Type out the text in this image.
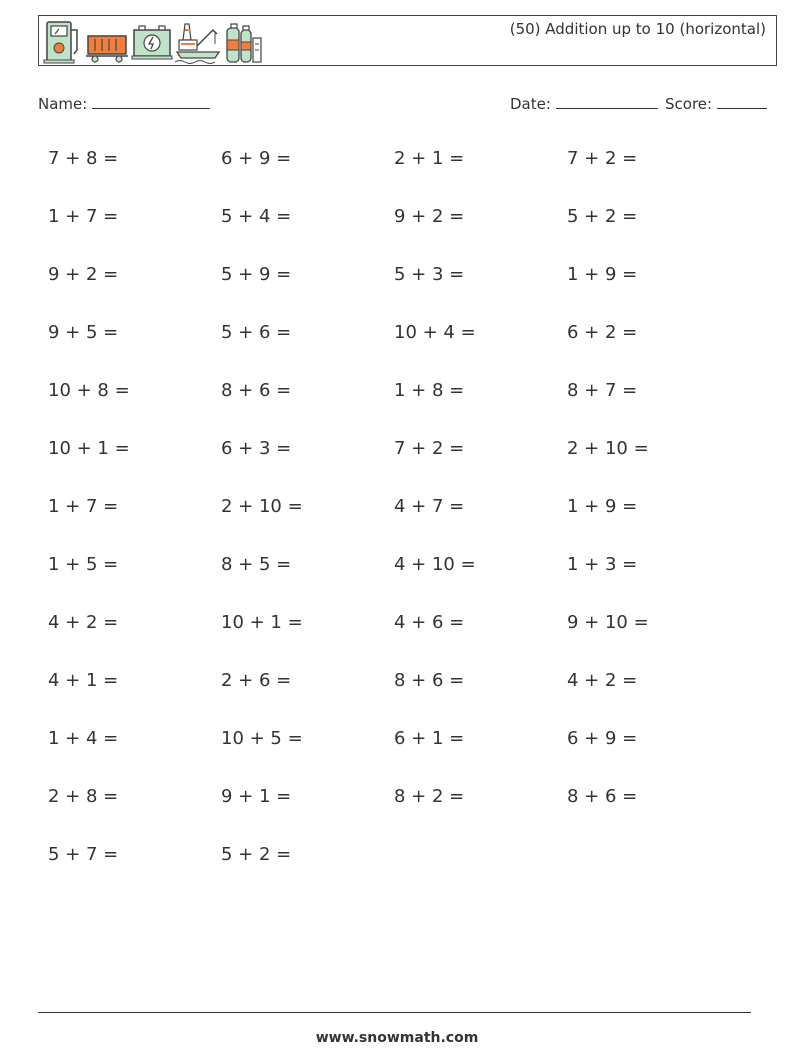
(50) Addition up to 10 (horizontal)
Name:	Date:	Score:
7 + 8 =	6 + 9 =	2 + 1 =	7 + 2 =
1 + 7 =	5 + 4 =	9 + 2 =	5 + 2 =
9 + 2 =	5 + 9 =	5 + 3 =	1 + 9 =
9 + 5 =	5 + 6 =	10 + 4 =	6 + 2 =
10 + 8 =	8 + 6 =	1 + 8 =	8 + 7 =
10 + 1 =	6 + 3 =	7 + 2 =	2 + 10 =
1 + 7 =	2 + 10 =	4 + 7 =	1 + 9 =
1 + 5 =	8 + 5 =	4 + 10 =	1 + 3 =
4 + 2 =	10 + 1 =	4 + 6 =	9 + 10 =
4 + 1 =	2 + 6 =	8 + 6 =	4 + 2 =
1 + 4 =	10 + 5 =	6 + 1 =	6 + 9 =
2 + 8 =	9 + 1 =	8 + 2 =	8 + 6 =
5 + 7 =	5 + 2 =
www.snowmath.com
